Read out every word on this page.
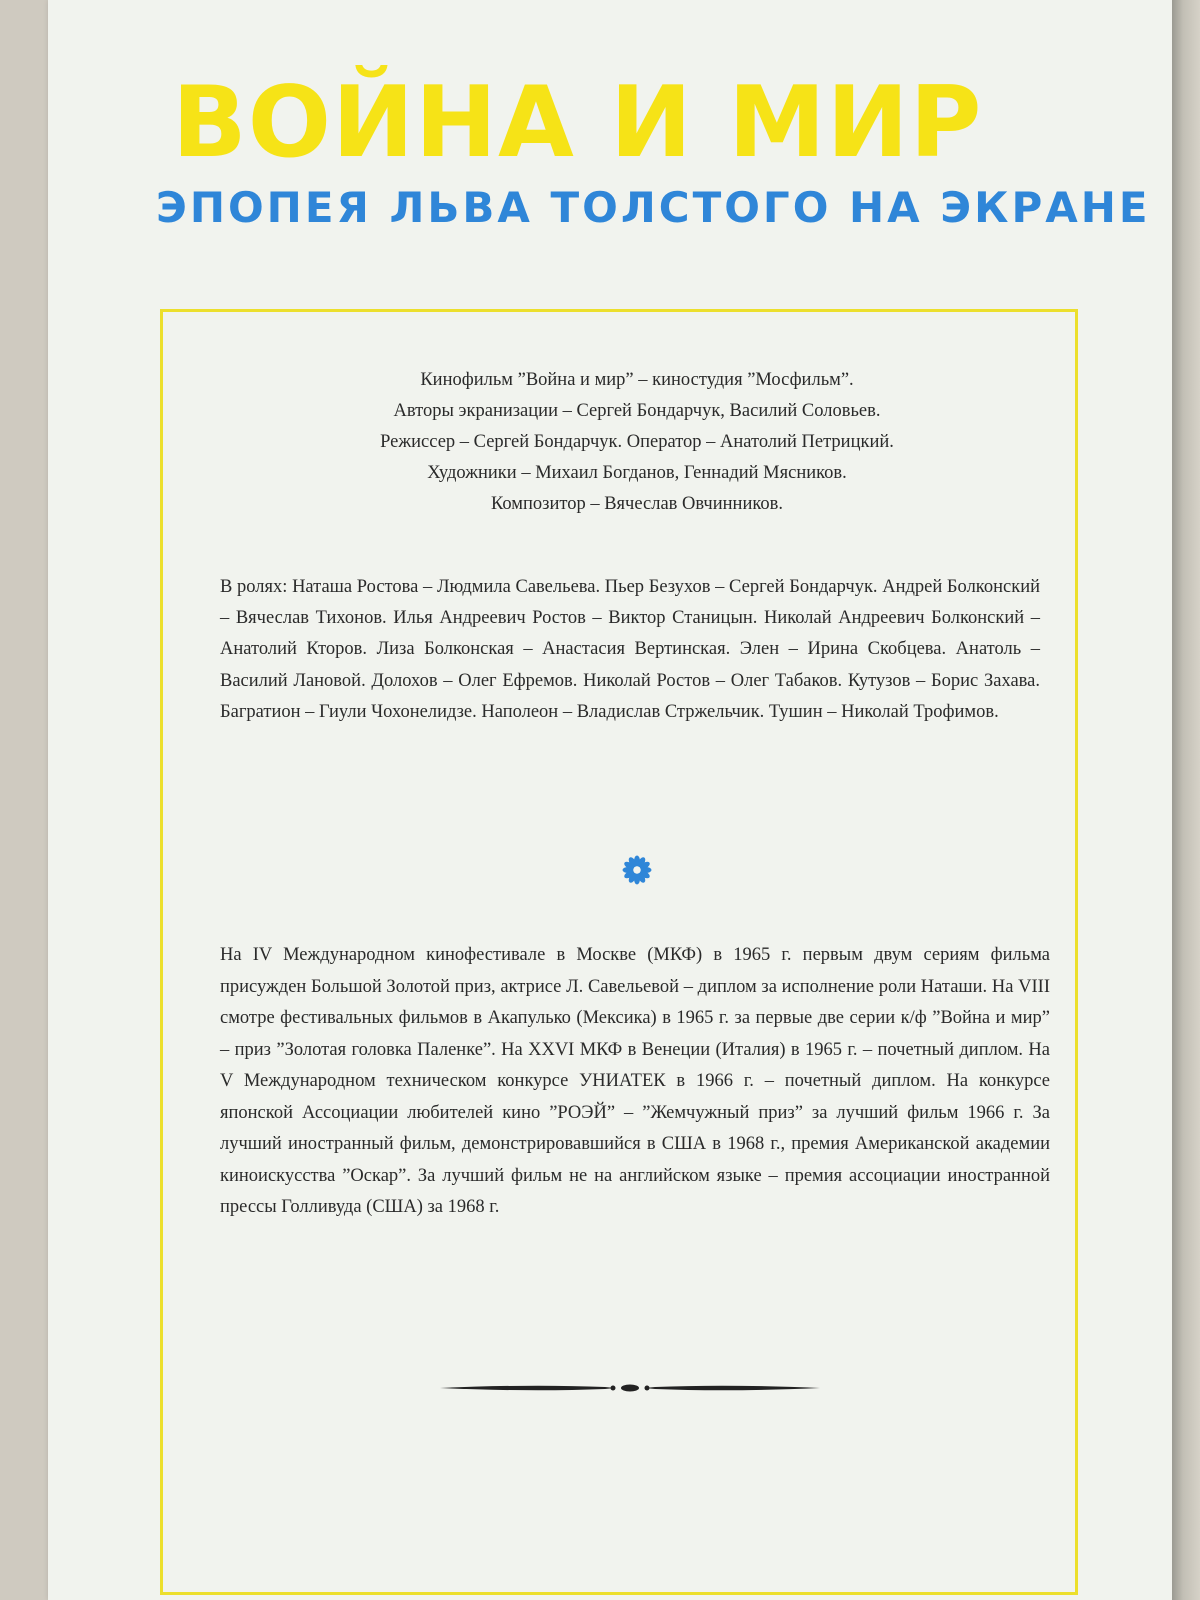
ВОЙНА И МИР
ЭПОПЕЯ ЛЬВА ТОЛСТОГО НА ЭКРАНЕ

Кинофильм ”Война и мир” – киностудия ”Мосфильм”.
Авторы экранизации – Сергей Бондарчук, Василий Соловьев.
Режиссер – Сергей Бондарчук. Оператор – Анатолий Петрицкий.
Художники – Михаил Богданов, Геннадий Мясников.
Композитор – Вячеслав Овчинников.

В ролях: Наташа Ростова – Людмила Савельева. Пьер Безухов – Сергей Бондарчук. Андрей Болконский – Вячеслав Тихонов. Илья Андреевич Ростов – Виктор Станицын. Николай Андреевич Болконский – Анатолий Кторов. Лиза Болконская – Анастасия Вертинская. Элен – Ирина Скобцева. Анатоль – Василий Лановой. Долохов – Олег Ефремов. Николай Ростов – Олег Табаков. Кутузов – Борис Захава. Багратион – Гиули Чохонелидзе. Наполеон – Владислав Стржельчик. Тушин – Николай Трофимов.

На IV Международном кинофестивале в Москве (МКФ) в 1965 г. первым двум сериям фильма присужден Большой Золотой приз, актрисе Л. Савельевой – диплом за исполнение роли Наташи. На VIII смотре фестивальных фильмов в Акапулько (Мексика) в 1965 г. за первые две серии к/ф ”Война и мир” – приз ”Золотая головка Паленке”. На XXVI МКФ в Венеции (Италия) в 1965 г. – почетный диплом. На V Международном техническом конкурсе УНИАТЕК в 1966 г. – почетный диплом. На конкурсе японской Ассоциации любителей кино ”РОЭЙ” – ”Жемчужный приз” за лучший фильм 1966 г. За лучший иностранный фильм, демонстрировавшийся в США в 1968 г., премия Американской академии киноискусства ”Оскар”. За лучший фильм не на английском языке – премия ассоциации иностранной прессы Голливуда (США) за 1968 г.
